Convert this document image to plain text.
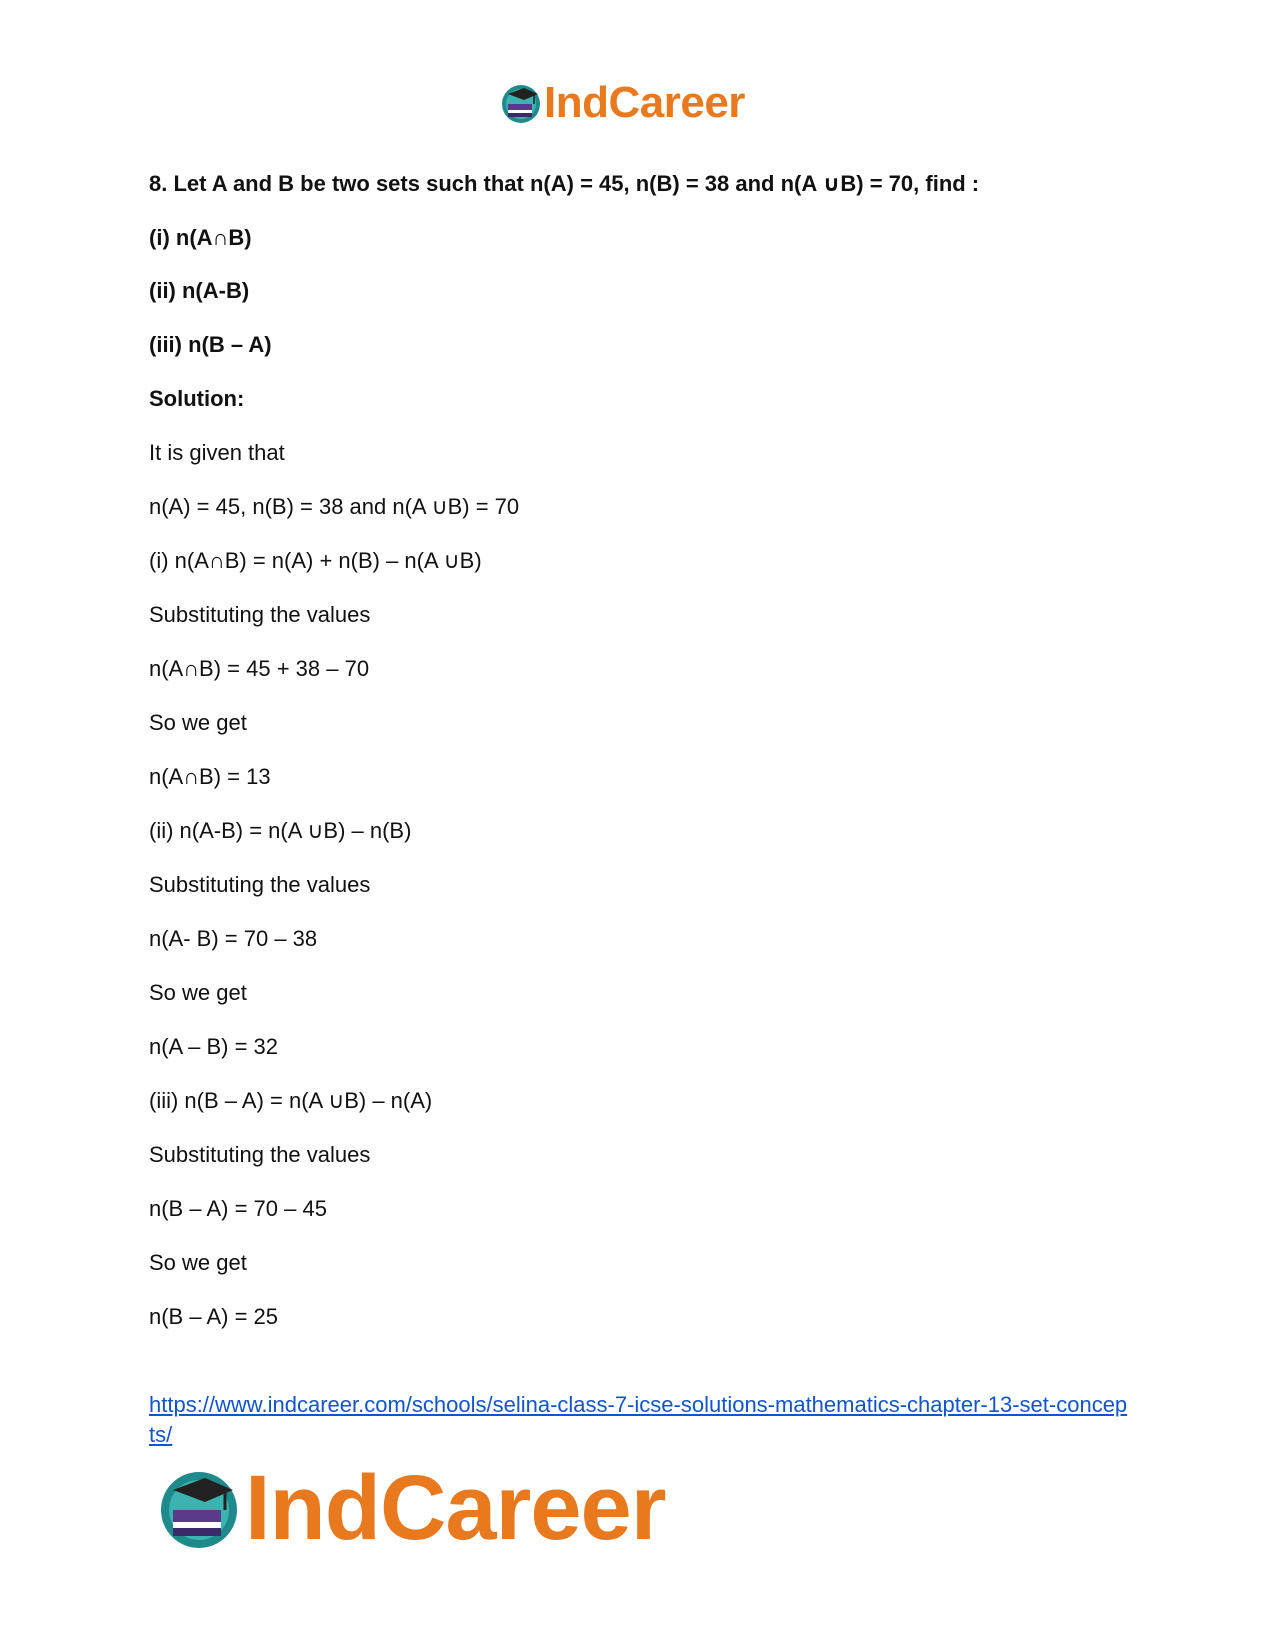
IndCareer

8. Let A and B be two sets such that n(A) = 45, n(B) = 38 and n(A ∪B) = 70, find :

(i) n(A∩B)

(ii) n(A-B)

(iii) n(B – A)

Solution:

It is given that

n(A) = 45, n(B) = 38 and n(A ∪B) = 70

(i) n(A∩B) = n(A) + n(B) – n(A ∪B)

Substituting the values

n(A∩B) = 45 + 38 – 70

So we get

n(A∩B) = 13

(ii) n(A-B) = n(A ∪B) – n(B)

Substituting the values

n(A- B) = 70 – 38

So we get

n(A – B) = 32

(iii) n(B – A) = n(A ∪B) – n(A)

Substituting the values

n(B – A) = 70 – 45

So we get

n(B – A) = 25

https://www.indcareer.com/schools/selina-class-7-icse-solutions-mathematics-chapter-13-set-concepts/
IndCareer
